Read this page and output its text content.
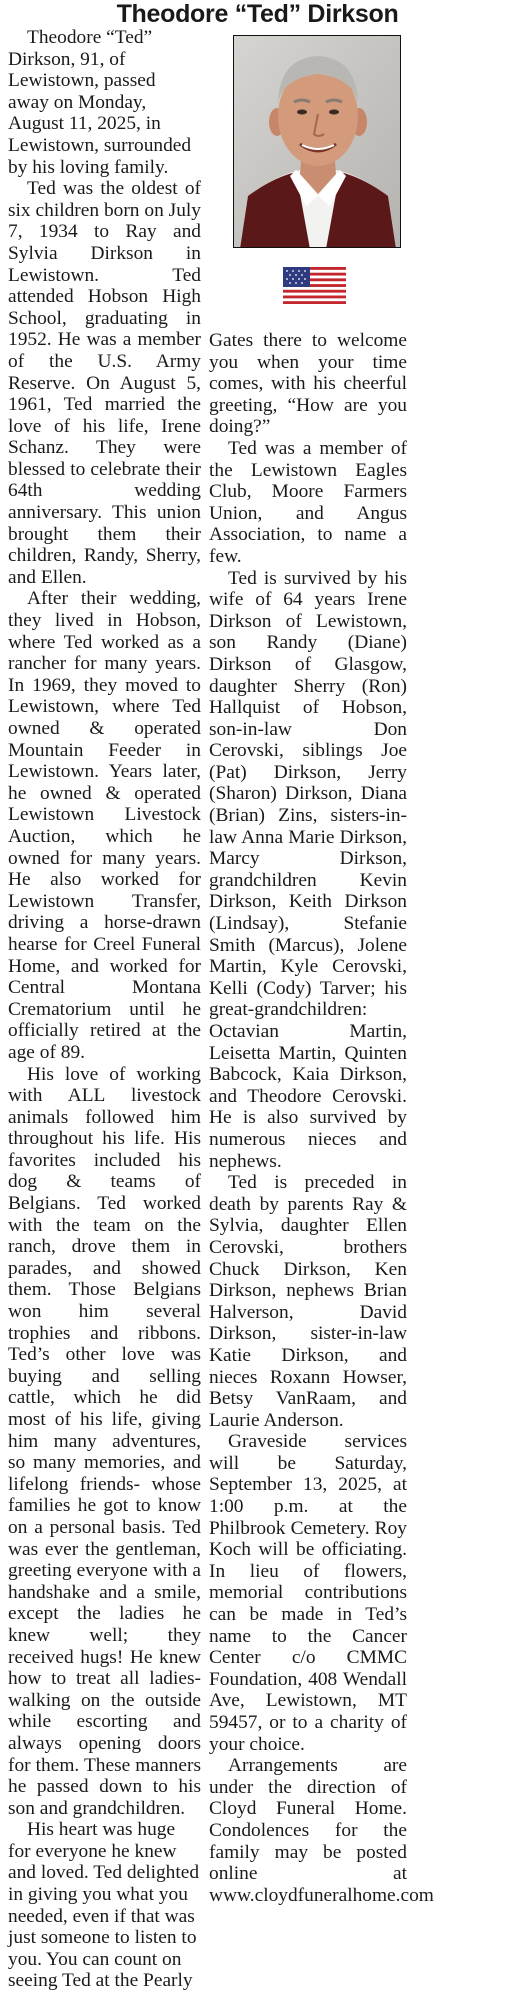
Theodore “Ted” Dirkson

Theodore “Ted” Dirkson, 91, of Lewistown, passed away on Monday, August 11, 2025, in Lewistown, surrounded by his loving family.

Ted was the oldest of six children born on July 7, 1934 to Ray and Sylvia Dirkson in Lewistown. Ted attended Hobson High School, graduating in 1952. He was a member of the U.S. Army Reserve. On August 5, 1961, Ted married the love of his life, Irene Schanz. They were blessed to celebrate their 64th wedding anniversary. This union brought them their children, Randy, Sherry, and Ellen.

After their wedding, they lived in Hobson, where Ted worked as a rancher for many years. In 1969, they moved to Lewistown, where Ted owned & operated Mountain Feeder in Lewistown. Years later, he owned & operated Lewistown Livestock Auction, which he owned for many years. He also worked for Lewistown Transfer, driving a horse-drawn hearse for Creel Funeral Home, and worked for Central Montana Crematorium until he officially retired at the age of 89.

His love of working with ALL livestock animals followed him throughout his life. His favorites included his dog & teams of Belgians. Ted worked with the team on the ranch, drove them in parades, and showed them. Those Belgians won him several trophies and ribbons. Ted’s other love was buying and selling cattle, which he did most of his life, giving him many adventures, so many memories, and lifelong friends- whose families he got to know on a personal basis. Ted was ever the gentleman, greeting everyone with a handshake and a smile, except the ladies he knew well; they received hugs! He knew how to treat all ladies- walking on the outside while escorting and always opening doors for them. These manners he passed down to his son and grandchildren.

His heart was huge for everyone he knew and loved. Ted delighted in giving you what you needed, even if that was just someone to listen to you. You can count on seeing Ted at the Pearly

Gates there to welcome you when your time comes, with his cheerful greeting, “How are you doing?”

Ted was a member of the Lewistown Eagles Club, Moore Farmers Union, and Angus Association, to name a few.

Ted is survived by his wife of 64 years Irene Dirkson of Lewistown, son Randy (Diane) Dirkson of Glasgow, daughter Sherry (Ron) Hallquist of Hobson, son-in-law Don Cerovski, siblings Joe (Pat) Dirkson, Jerry (Sharon) Dirkson, Diana (Brian) Zins, sisters-in-law Anna Marie Dirkson, Marcy Dirkson, grandchildren Kevin Dirkson, Keith Dirkson (Lindsay), Stefanie Smith (Marcus), Jolene Martin, Kyle Cerovski, Kelli (Cody) Tarver; his great-grandchildren: Octavian Martin, Leisetta Martin, Quinten Babcock, Kaia Dirkson, and Theodore Cerovski. He is also survived by numerous nieces and nephews.

Ted is preceded in death by parents Ray & Sylvia, daughter Ellen Cerovski, brothers Chuck Dirkson, Ken Dirkson, nephews Brian Halverson, David Dirkson, sister-in-law Katie Dirkson, and nieces Roxann Howser, Betsy VanRaam, and Laurie Anderson.

Graveside services will be Saturday, September 13, 2025, at 1:00 p.m. at the Philbrook Cemetery. Roy Koch will be officiating. In lieu of flowers, memorial contributions can be made in Ted’s name to the Cancer Center c/o CMMC Foundation, 408 Wendall Ave, Lewistown, MT 59457, or to a charity of your choice.

Arrangements are under the direction of Cloyd Funeral Home. Condolences for the family may be posted online at www.cloydfuneralhome.com
